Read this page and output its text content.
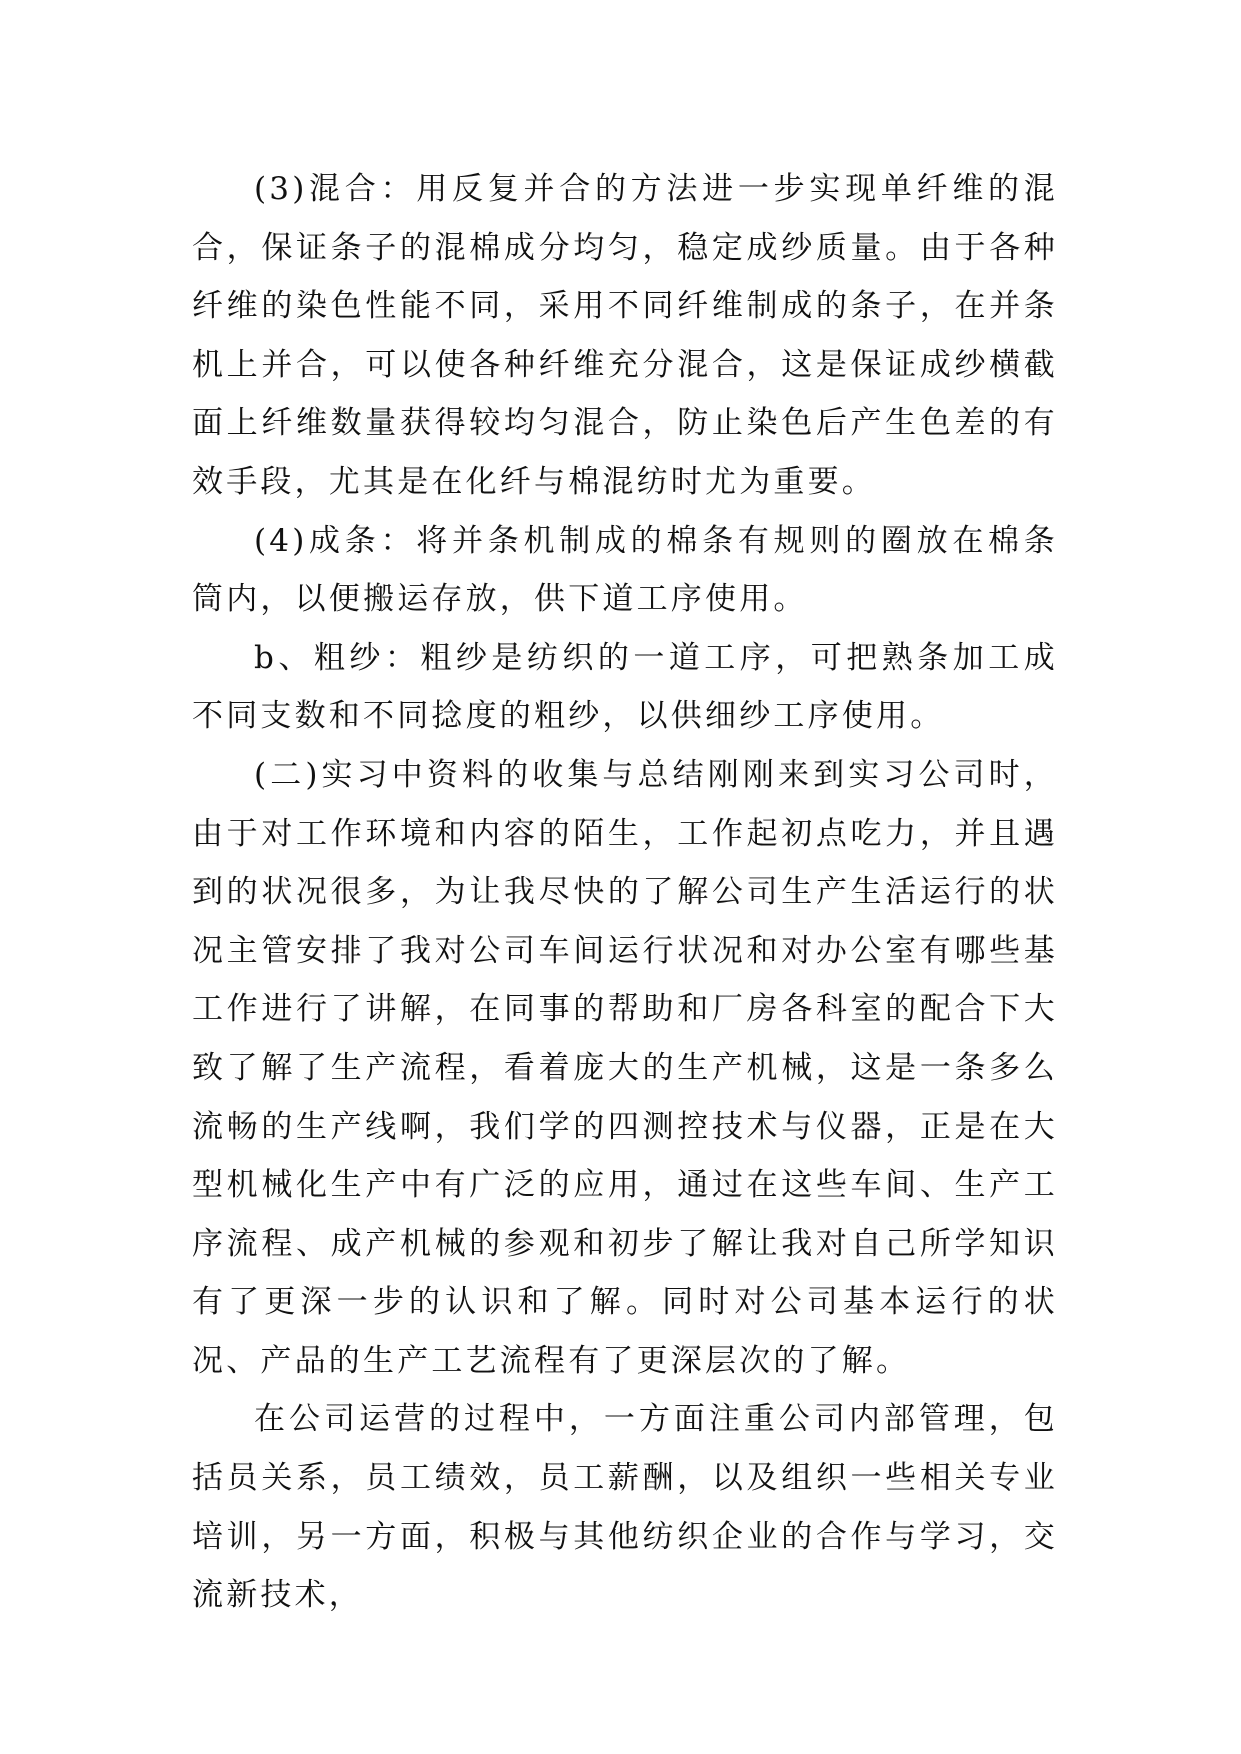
(3)混合：用反复并合的方法进一步实现单纤维的混合，保证条子的混棉成分均匀，稳定成纱质量。由于各种纤维的染色性能不同，采用不同纤维制成的条子，在并条机上并合，可以使各种纤维充分混合，这是保证成纱横截面上纤维数量获得较均匀混合，防止染色后产生色差的有效手段，尤其是在化纤与棉混纺时尤为重要。

(4)成条：将并条机制成的棉条有规则的圈放在棉条筒内，以便搬运存放，供下道工序使用。

b、粗纱：粗纱是纺织的一道工序，可把熟条加工成不同支数和不同捻度的粗纱，以供细纱工序使用。

(二)实习中资料的收集与总结刚刚来到实习公司时，由于对工作环境和内容的陌生，工作起初点吃力，并且遇到的状况很多，为让我尽快的了解公司生产生活运行的状况主管安排了我对公司车间运行状况和对办公室有哪些基工作进行了讲解，在同事的帮助和厂房各科室的配合下大致了解了生产流程，看着庞大的生产机械，这是一条多么流畅的生产线啊，我们学的四测控技术与仪器，正是在大型机械化生产中有广泛的应用，通过在这些车间、生产工序流程、成产机械的参观和初步了解让我对自己所学知识有了更深一步的认识和了解。同时对公司基本运行的状况、产品的生产工艺流程有了更深层次的了解。

在公司运营的过程中，一方面注重公司内部管理，包括员关系，员工绩效，员工薪酬，以及组织一些相关专业培训，另一方面，积极与其他纺织企业的合作与学习，交流新技术，
